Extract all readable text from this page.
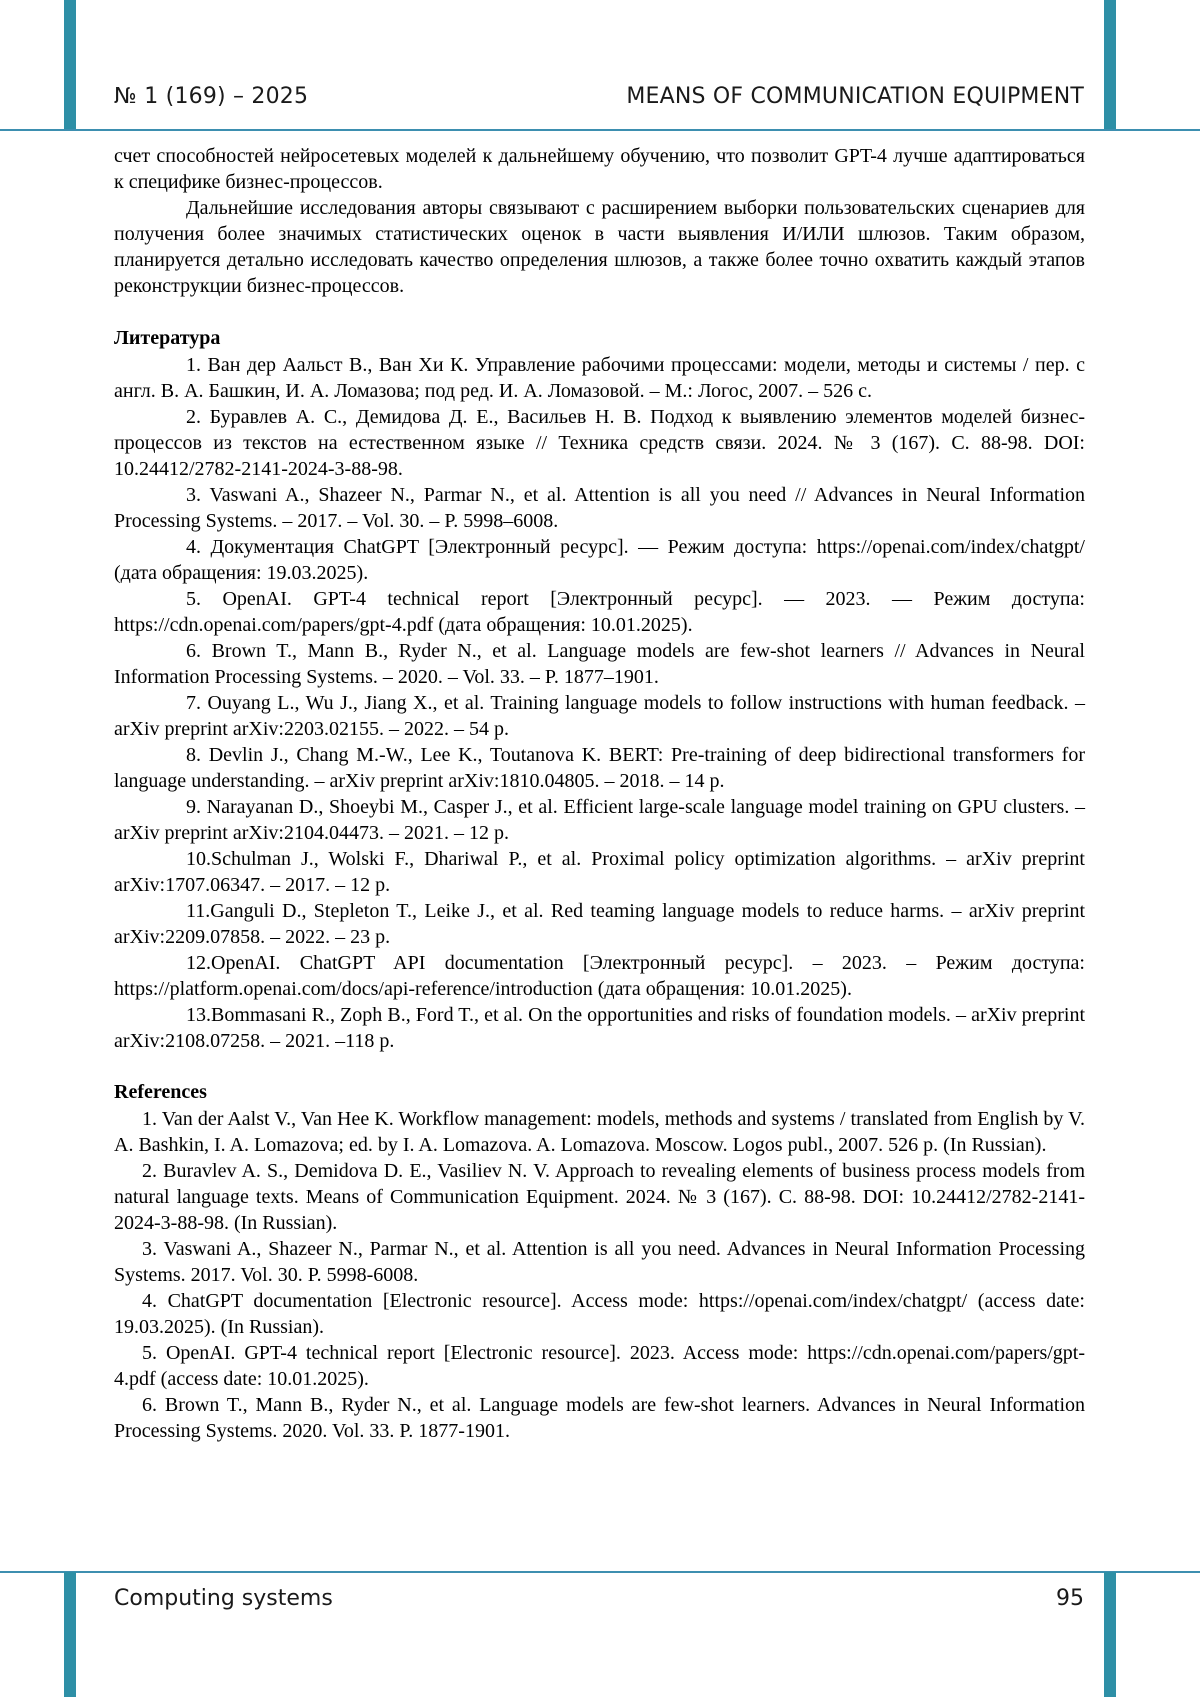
№ 1 (169) – 2025	MEANS OF COMMUNICATION EQUIPMENT

счет способностей нейросетевых моделей к дальнейшему обучению, что позволит GPT-4 лучше адаптироваться к специфике бизнес-процессов.

Дальнейшие исследования авторы связывают с расширением выборки пользовательских сценариев для получения более значимых статистических оценок в части выявления И/ИЛИ шлюзов. Таким образом, планируется детально исследовать качество определения шлюзов, а также более точно охватить каждый этапов реконструкции бизнес-процессов.

Литература

1. Ван дер Аальст В., Ван Хи К. Управление рабочими процессами: модели, методы и системы / пер. с англ. В. А. Башкин, И. А. Ломазова; под ред. И. А. Ломазовой. – М.: Логос, 2007. – 526 с.
2. Буравлев А. С., Демидова Д. Е., Васильев Н. В. Подход к выявлению элементов моделей бизнес-процессов из текстов на естественном языке // Техника средств связи. 2024. № 3 (167). С. 88-98. DOI: 10.24412/2782-2141-2024-3-88-98.
3. Vaswani A., Shazeer N., Parmar N., et al. Attention is all you need // Advances in Neural Information Processing Systems. – 2017. – Vol. 30. – P. 5998–6008.
4. Документация ChatGPT [Электронный ресурс]. — Режим доступа: https://openai.com/index/chatgpt/ (дата обращения: 19.03.2025).
5. OpenAI. GPT-4 technical report [Электронный ресурс]. — 2023. — Режим доступа: https://cdn.openai.com/papers/gpt-4.pdf (дата обращения: 10.01.2025).
6. Brown T., Mann B., Ryder N., et al. Language models are few-shot learners // Advances in Neural Information Processing Systems. – 2020. – Vol. 33. – P. 1877–1901.
7. Ouyang L., Wu J., Jiang X., et al. Training language models to follow instructions with human feedback. – arXiv preprint arXiv:2203.02155. – 2022. – 54 p.
8. Devlin J., Chang M.-W., Lee K., Toutanova K. BERT: Pre-training of deep bidirectional transformers for language understanding. – arXiv preprint arXiv:1810.04805. – 2018. – 14 p.
9. Narayanan D., Shoeybi M., Casper J., et al. Efficient large-scale language model training on GPU clusters. – arXiv preprint arXiv:2104.04473. – 2021. – 12 p.
10.Schulman J., Wolski F., Dhariwal P., et al. Proximal policy optimization algorithms. – arXiv preprint arXiv:1707.06347. – 2017. – 12 p.
11.Ganguli D., Stepleton T., Leike J., et al. Red teaming language models to reduce harms. – arXiv preprint arXiv:2209.07858. – 2022. – 23 p.
12.OpenAI. ChatGPT API documentation [Электронный ресурс]. – 2023. – Режим доступа: https://platform.openai.com/docs/api-reference/introduction (дата обращения: 10.01.2025).
13.Bommasani R., Zoph B., Ford T., et al. On the opportunities and risks of foundation models. – arXiv preprint arXiv:2108.07258. – 2021. –118 p.

References

1. Van der Aalst V., Van Hee K. Workflow management: models, methods and systems / translated from English by V. A. Bashkin, I. A. Lomazova; ed. by I. A. Lomazova. A. Lomazova. Moscow. Logos publ., 2007. 526 p. (In Russian).
2. Buravlev A. S., Demidova D. E., Vasiliev N. V. Approach to revealing elements of business process models from natural language texts. Means of Communication Equipment. 2024. № 3 (167). С. 88-98. DOI: 10.24412/2782-2141-2024-3-88-98. (In Russian).
3. Vaswani A., Shazeer N., Parmar N., et al. Attention is all you need. Advances in Neural Information Processing Systems. 2017. Vol. 30. P. 5998-6008.
4. ChatGPT documentation [Electronic resource]. Access mode: https://openai.com/index/chatgpt/ (access date: 19.03.2025). (In Russian).
5. OpenAI. GPT-4 technical report [Electronic resource]. 2023. Access mode: https://cdn.openai.com/papers/gpt-4.pdf (access date: 10.01.2025).
6. Brown T., Mann B., Ryder N., et al. Language models are few-shot learners. Advances in Neural Information Processing Systems. 2020. Vol. 33. P. 1877-1901.
Computing systems	95
